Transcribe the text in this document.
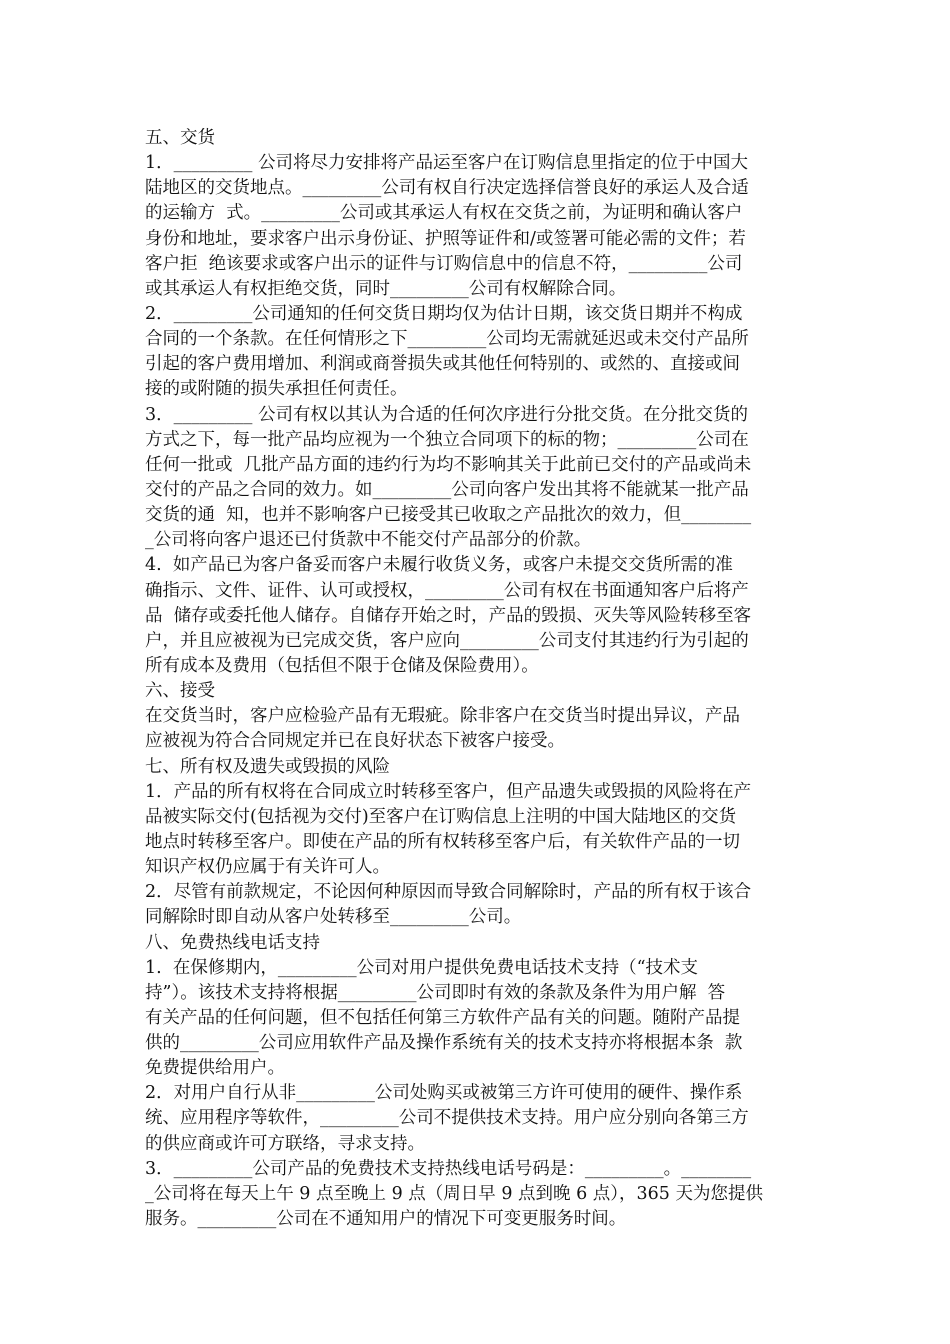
五、交货
1．_________ 公司将尽力安排将产品运至客户在订购信息里指定的位于中国大
陆地区的交货地点。_________公司有权自行决定选择信誉良好的承运人及合适
的运输方  式。_________公司或其承运人有权在交货之前，为证明和确认客户
身份和地址，要求客户出示身份证、护照等证件和/或签署可能必需的文件；若
客户拒  绝该要求或客户出示的证件与订购信息中的信息不符，_________公司
或其承运人有权拒绝交货，同时_________公司有权解除合同。
2．_________公司通知的任何交货日期均仅为估计日期，该交货日期并不构成
合同的一个条款。在任何情形之下_________公司均无需就延迟或未交付产品所
引起的客户费用增加、利润或商誉损失或其他任何特别的、或然的、直接或间
接的或附随的损失承担任何责任。
3．_________ 公司有权以其认为合适的任何次序进行分批交货。在分批交货的
方式之下，每一批产品均应视为一个独立合同项下的标的物；_________公司在
任何一批或  几批产品方面的违约行为均不影响其关于此前已交付的产品或尚未
交付的产品之合同的效力。如_________公司向客户发出其将不能就某一批产品
交货的通  知，也并不影响客户已接受其已收取之产品批次的效力，但________
_公司将向客户退还已付货款中不能交付产品部分的价款。
4.  如产品已为客户备妥而客户未履行收货义务，或客户未提交交货所需的准
确指示、文件、证件、认可或授权，_________公司有权在书面通知客户后将产
品  储存或委托他人储存。自储存开始之时，产品的毁损、灭失等风险转移至客
户，并且应被视为已完成交货，客户应向_________公司支付其违约行为引起的
所有成本及费用（包括但不限于仓储及保险费用）。
六、接受
在交货当时，客户应检验产品有无瑕疵。除非客户在交货当时提出异议，产品
应被视为符合合同规定并已在良好状态下被客户接受。
七、所有权及遗失或毁损的风险
1．产品的所有权将在合同成立时转移至客户，但产品遗失或毁损的风险将在产
品被实际交付(包括视为交付)至客户在订购信息上注明的中国大陆地区的交货
地点时转移至客户。即使在产品的所有权转移至客户后，有关软件产品的一切
知识产权仍应属于有关许可人。
2．尽管有前款规定，不论因何种原因而导致合同解除时，产品的所有权于该合
同解除时即自动从客户处转移至_________公司。
八、免费热线电话支持
1.  在保修期内，_________公司对用户提供免费电话技术支持（“技术支
持”）。该技术支持将根据_________公司即时有效的条款及条件为用户解  答
有关产品的任何问题，但不包括任何第三方软件产品有关的问题。随附产品提
供的_________公司应用软件产品及操作系统有关的技术支持亦将根据本条  款
免费提供给用户。
2．对用户自行从非_________公司处购买或被第三方许可使用的硬件、操作系
统、应用程序等软件，_________公司不提供技术支持。用户应分别向各第三方
的供应商或许可方联络，寻求支持。
3．_________公司产品的免费技术支持热线电话号码是：_________。________
_公司将在每天上午 9 点至晚上 9 点（周日早 9 点到晚 6 点），365 天为您提供
服务。_________公司在不通知用户的情况下可变更服务时间。
